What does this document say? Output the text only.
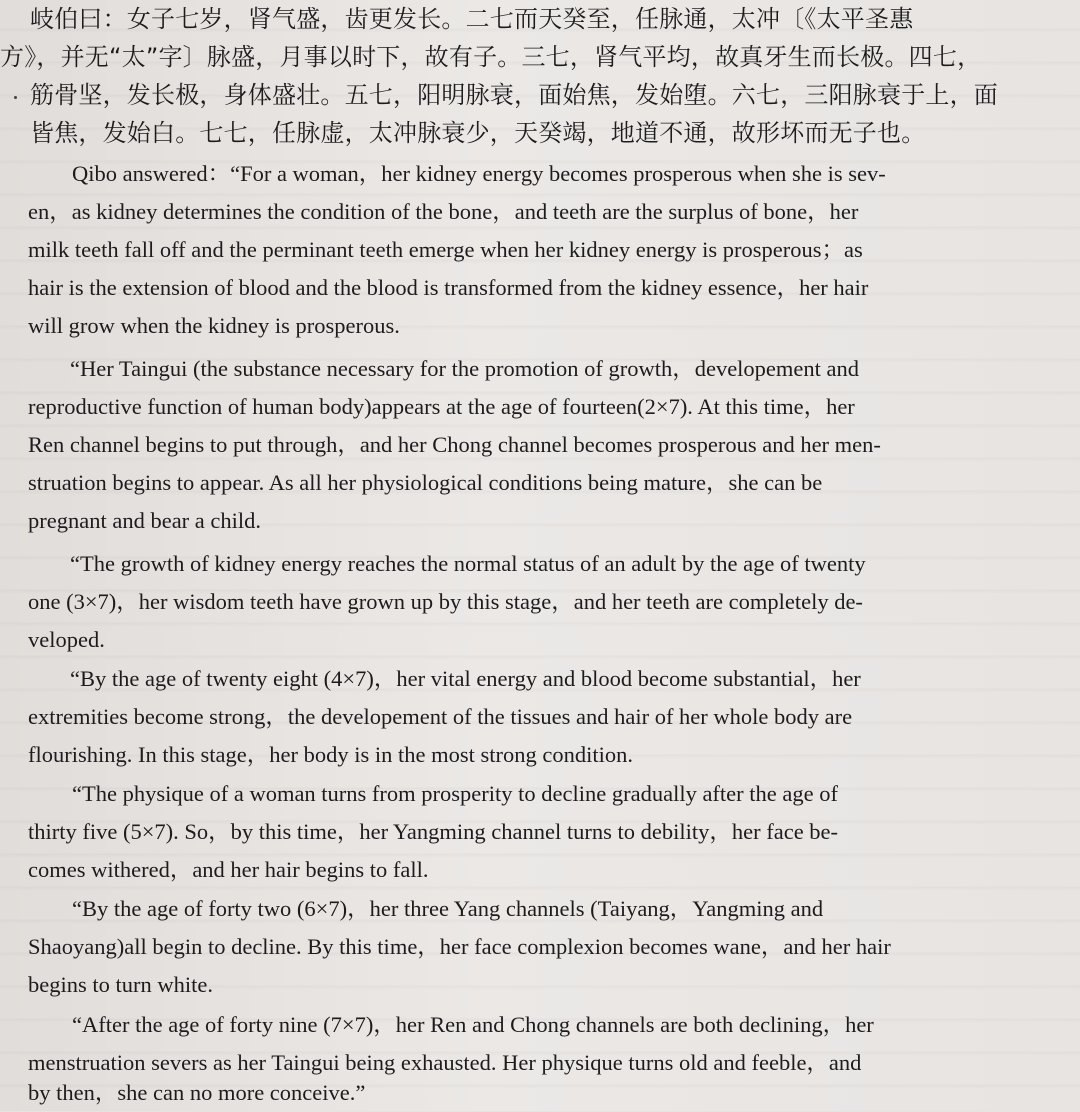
岐伯曰：女子七岁，肾气盛，齿更发长。二七而天癸至，任脉通，太冲〔《太平圣惠

方》，并无“太”字〕脉盛，月事以时下，故有子。三七，肾气平均，故真牙生而长极。四七，

筋骨坚，发长极，身体盛壮。五七，阳明脉衰，面始焦，发始堕。六七，三阳脉衰于上，面

皆焦，发始白。七七，任脉虚，太冲脉衰少，天癸竭，地道不通，故形坏而无子也。

Qibo answered：“For a woman，her kidney energy becomes prosperous when she is sev-

en，as kidney determines the condition of the bone，and teeth are the surplus of bone，her

milk teeth fall off and the perminant teeth emerge when her kidney energy is prosperous；as

hair is the extension of blood and the blood is transformed from the kidney essence，her hair

will grow when the kidney is prosperous.

“Her Taingui (the substance necessary for the promotion of growth，developement and

reproductive function of human body)appears at the age of fourteen(2×7). At this time，her

Ren channel begins to put through，and her Chong channel becomes prosperous and her men-

struation begins to appear. As all her physiological conditions being mature，she can be

pregnant and bear a child.

“The growth of kidney energy reaches the normal status of an adult by the age of twenty

one (3×7)，her wisdom teeth have grown up by this stage，and her teeth are completely de-

veloped.

“By the age of twenty eight (4×7)，her vital energy and blood become substantial，her

extremities become strong，the developement of the tissues and hair of her whole body are

flourishing. In this stage，her body is in the most strong condition.

“The physique of a woman turns from prosperity to decline gradually after the age of

thirty five (5×7). So，by this time，her Yangming channel turns to debility，her face be-

comes withered，and her hair begins to fall.

“By the age of forty two (6×7)，her three Yang channels (Taiyang，Yangming and

Shaoyang)all begin to decline. By this time，her face complexion becomes wane，and her hair

begins to turn white.

“After the age of forty nine (7×7)，her Ren and Chong channels are both declining，her

menstruation severs as her Taingui being exhausted. Her physique turns old and feeble，and

by then，she can no more conceive.”
